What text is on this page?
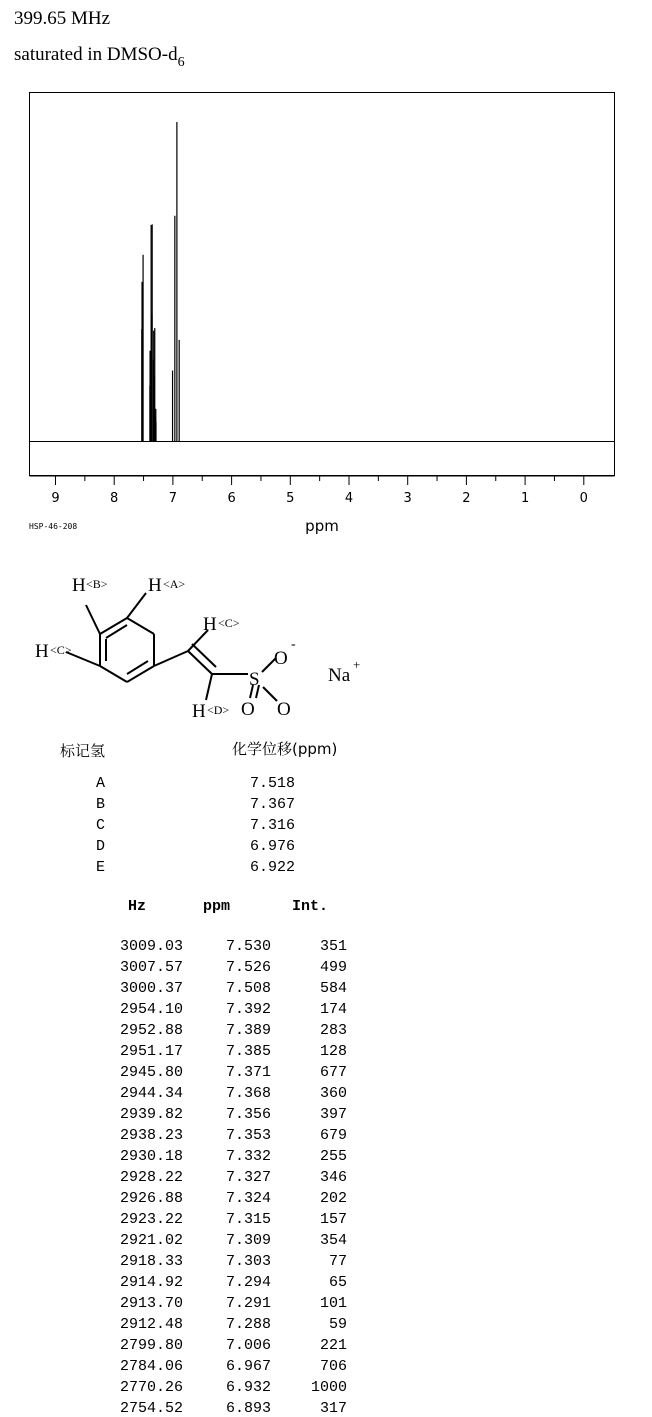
399.65 MHz
saturated in DMSO-$d_6$
9	8	7	6	5	4	3	2	1	0
ppm
HSP-46-208
H <B> H <A>
H <C>
H <C>
H <D>
S
O
-
O O
Na
+
标记氢	化学位移(ppm)
A	7.518
B	7.367
C	7.316
D	6.976
E	6.922
Hz	ppm	Int.
3009.03	7.530	351
3007.57	7.526	499
3000.37	7.508	584
2954.10	7.392	174
2952.88	7.389	283
2951.17	7.385	128
2945.80	7.371	677
2944.34	7.368	360
2939.82	7.356	397
2938.23	7.353	679
2930.18	7.332	255
2928.22	7.327	346
2926.88	7.324	202
2923.22	7.315	157
2921.02	7.309	354
2918.33	7.303	77
2914.92	7.294	65
2913.70	7.291	101
2912.48	7.288	59
2799.80	7.006	221
2784.06	6.967	706
2770.26	6.932	1000
2754.52	6.893	317
